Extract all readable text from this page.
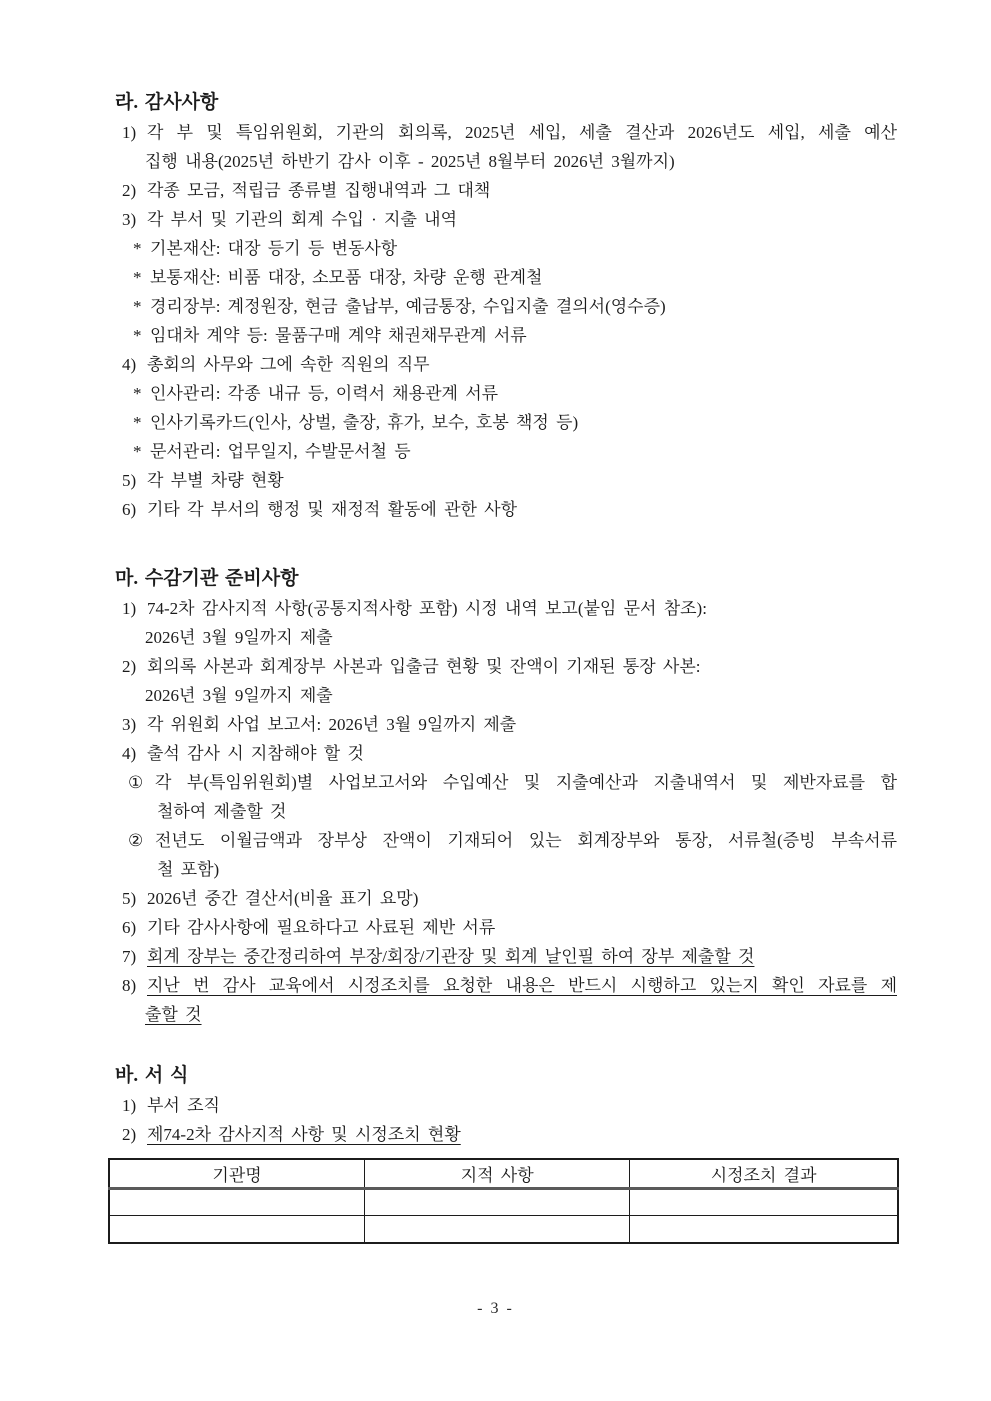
라. 감사사항
1) 각 부 및 특임위원회, 기관의 회의록, 2025년 세입, 세출 결산과 2026년도 세입, 세출 예산
집행 내용(2025년 하반기 감사 이후 - 2025년 8월부터 2026년 3월까지)
2) 각종 모금, 적립금 종류별 집행내역과 그 대책
3) 각 부서 및 기관의 회계 수입 · 지출 내역
* 기본재산: 대장 등기 등 변동사항
* 보통재산: 비품 대장, 소모품 대장, 차량 운행 관계철
* 경리장부: 계정원장, 현금 출납부, 예금통장, 수입지출 결의서(영수증)
* 임대차 계약 등: 물품구매 계약 채권채무관계 서류
4) 총회의 사무와 그에 속한 직원의 직무
* 인사관리: 각종 내규 등, 이력서 채용관계 서류
* 인사기록카드(인사, 상벌, 출장, 휴가, 보수, 호봉 책정 등)
* 문서관리: 업무일지, 수발문서철 등
5) 각 부별 차량 현황
6) 기타 각 부서의 행정 및 재정적 활동에 관한 사항
마. 수감기관 준비사항
1) 74-2차 감사지적 사항(공통지적사항 포함) 시정 내역 보고(붙임 문서 참조):
2026년 3월 9일까지 제출
2) 회의록 사본과 회계장부 사본과 입출금 현황 및 잔액이 기재된 통장 사본:
2026년 3월 9일까지 제출
3) 각 위원회 사업 보고서: 2026년 3월 9일까지 제출
4) 출석 감사 시 지참해야 할 것
① 각 부(특임위원회)별 사업보고서와 수입예산 및 지출예산과 지출내역서 및 제반자료를 합
철하여 제출할 것
② 전년도 이월금액과 장부상 잔액이 기재되어 있는 회계장부와 통장, 서류철(증빙 부속서류
철 포함)
5) 2026년 중간 결산서(비율 표기 요망)
6) 기타 감사사항에 필요하다고 사료된 제반 서류
7) 회계 장부는 중간정리하여 부장/회장/기관장 및 회계 날인필 하여 장부 제출할 것
8) 지난 번 감사 교육에서 시정조치를 요청한 내용은 반드시 시행하고 있는지 확인 자료를 제
출할 것
바. 서 식
1) 부서 조직
2) 제74-2차 감사지적 사항 및 시정조치 현황
기관명	지적 사항	시정조치 결과

- 3 -
